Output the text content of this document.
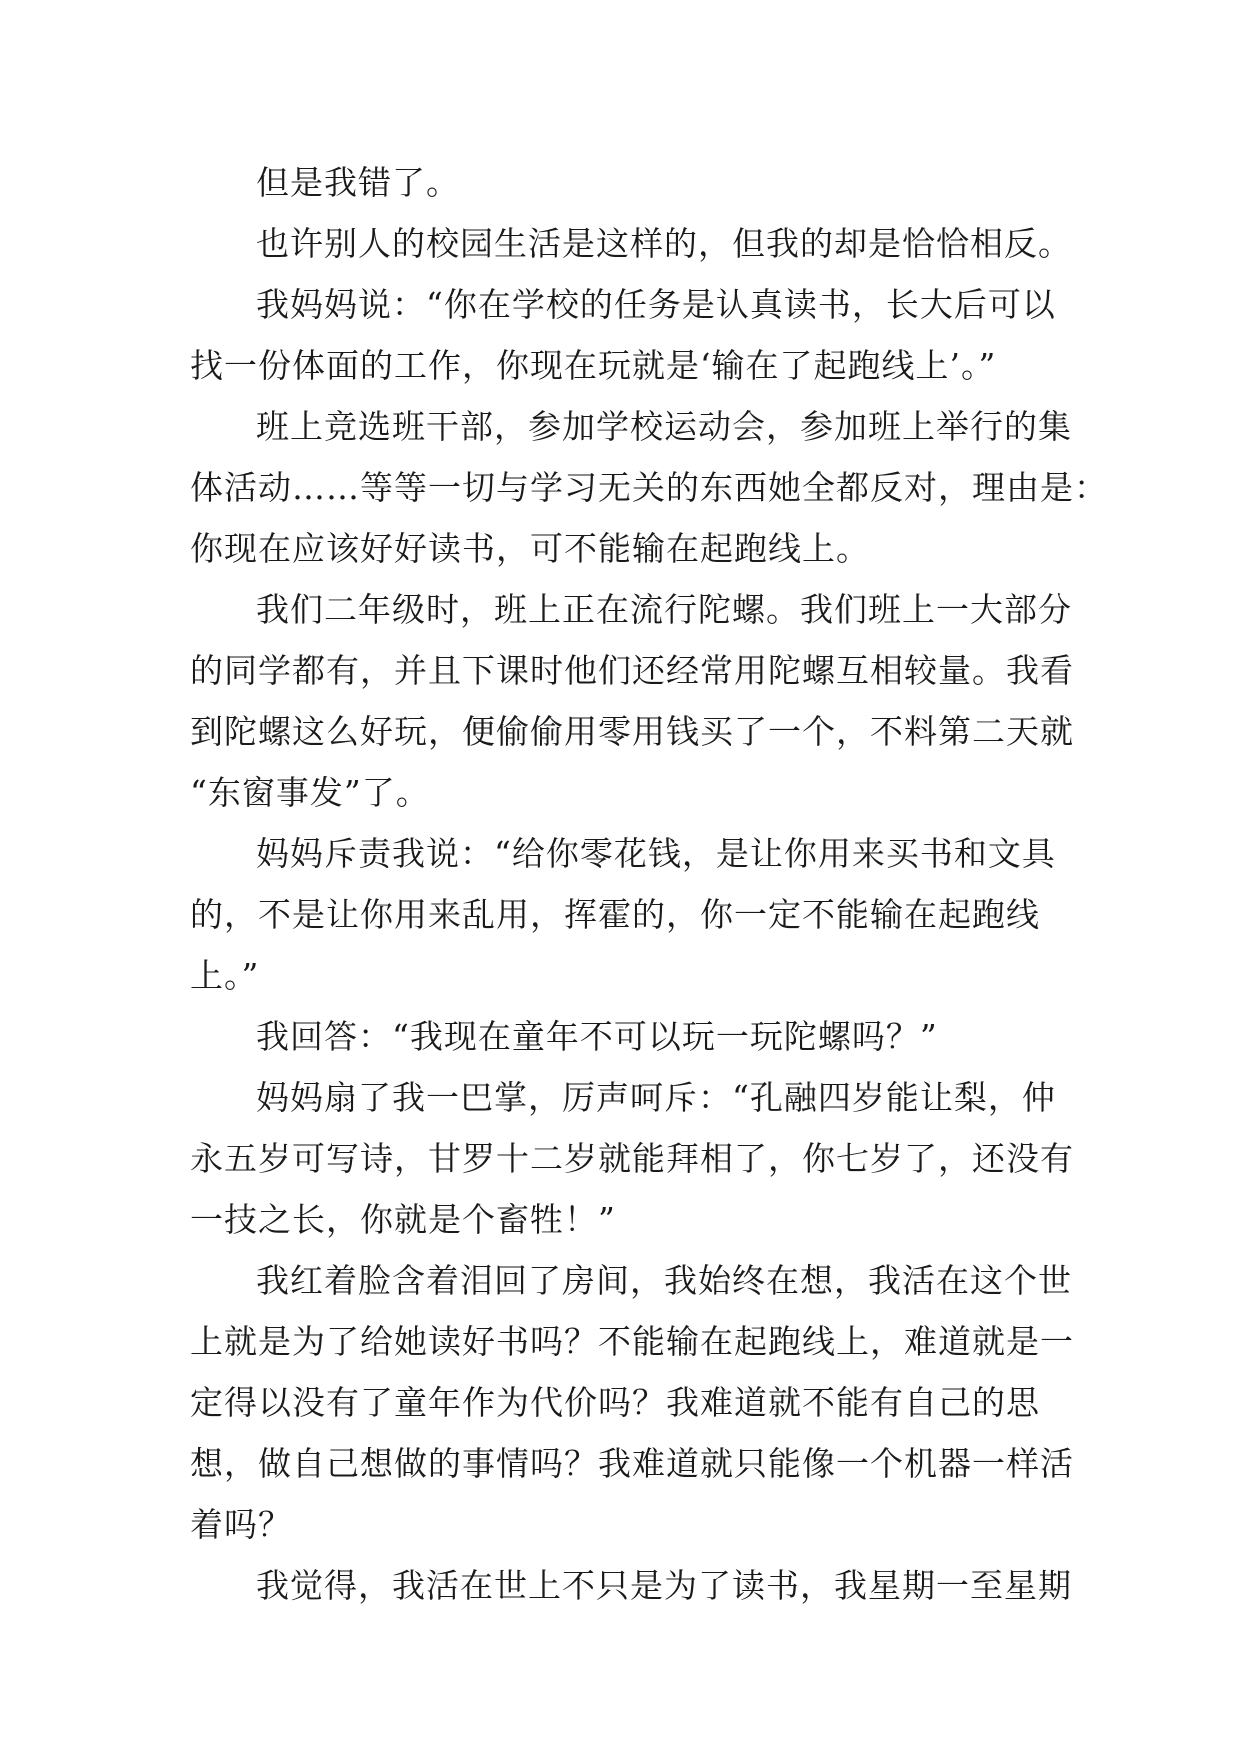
但是我错了。

也许别人的校园生活是这样的，但我的却是恰恰相反。

我妈妈说：“你在学校的任务是认真读书，长大后可以
找一份体面的工作，你现在玩就是‘输在了起跑线上’。”

班上竞选班干部，参加学校运动会，参加班上举行的集
体活动……等等一切与学习无关的东西她全都反对，理由是：
你现在应该好好读书，可不能输在起跑线上。

我们二年级时，班上正在流行陀螺。我们班上一大部分
的同学都有，并且下课时他们还经常用陀螺互相较量。我看
到陀螺这么好玩，便偷偷用零用钱买了一个，不料第二天就
“东窗事发”了。

妈妈斥责我说：“给你零花钱，是让你用来买书和文具
的，不是让你用来乱用，挥霍的，你一定不能输在起跑线
上。”

我回答：“我现在童年不可以玩一玩陀螺吗？”

妈妈扇了我一巴掌，厉声呵斥：“孔融四岁能让梨，仲
永五岁可写诗，甘罗十二岁就能拜相了，你七岁了，还没有
一技之长，你就是个畜牲！”

我红着脸含着泪回了房间，我始终在想，我活在这个世
上就是为了给她读好书吗？不能输在起跑线上，难道就是一
定得以没有了童年作为代价吗？我难道就不能有自己的思
想，做自己想做的事情吗？我难道就只能像一个机器一样活
着吗？

我觉得，我活在世上不只是为了读书，我星期一至星期
